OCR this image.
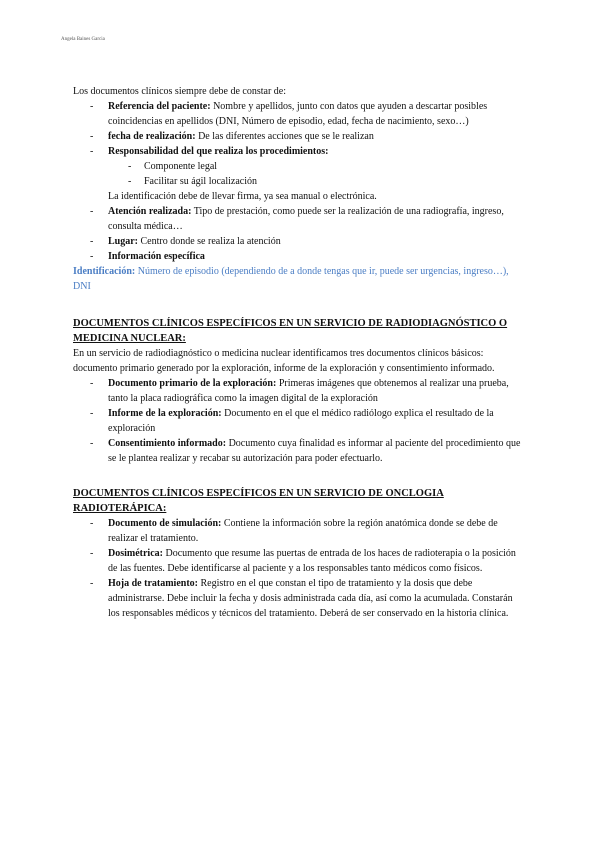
Angela Baines Garcia

Los documentos clínicos siempre debe de constar de:

- Referencia del paciente: Nombre y apellidos, junto con datos que ayuden a descartar posibles coincidencias en apellidos (DNI, Número de episodio, edad, fecha de nacimiento, sexo…)
- fecha de realización: De las diferentes acciones que se le realizan
- Responsabilidad del que realiza los procedimientos:
- Componente legal
- Facilitar su ágil localización
La identificación debe de llevar firma, ya sea manual o electrónica.
- Atención realizada: Tipo de prestación, como puede ser la realización de una radiografía, ingreso, consulta médica…
- Lugar: Centro donde se realiza la atención
- Información específica
Identificación: Número de episodio (dependiendo de a donde tengas que ir, puede ser urgencias, ingreso…), DNI
DOCUMENTOS CLÍNICOS ESPECÍFICOS EN UN SERVICIO DE RADIODIAGNÓSTICO O MEDICINA NUCLEAR:

En un servicio de radiodiagnóstico o medicina nuclear identificamos tres documentos clínicos básicos: documento primario generado por la exploración, informe de la exploración y consentimiento informado.

- Documento primario de la exploración: Primeras imágenes que obtenemos al realizar una prueba, tanto la placa radiográfica como la imagen digital de la exploración
- Informe de la exploración: Documento en el que el médico radiólogo explica el resultado de la exploración
- Consentimiento informado: Documento cuya finalidad es informar al paciente del procedimiento que se le plantea realizar y recabar su autorización para poder efectuarlo.
DOCUMENTOS CLÍNICOS ESPECÍFICOS EN UN SERVICIO DE ONCLOGIA RADIOTERÁPICA:
- Documento de simulación: Contiene la información sobre la región anatómica donde se debe de realizar el tratamiento.
- Dosimétrica: Documento que resume las puertas de entrada de los haces de radioterapia o la posición de las fuentes. Debe identificarse al paciente y a los responsables tanto médicos como físicos.
- Hoja de tratamiento: Registro en el que constan el tipo de tratamiento y la dosis que debe administrarse. Debe incluir la fecha y dosis administrada cada día, así como la acumulada. Constarán los responsables médicos y técnicos del tratamiento. Deberá de ser conservado en la historia clínica.
